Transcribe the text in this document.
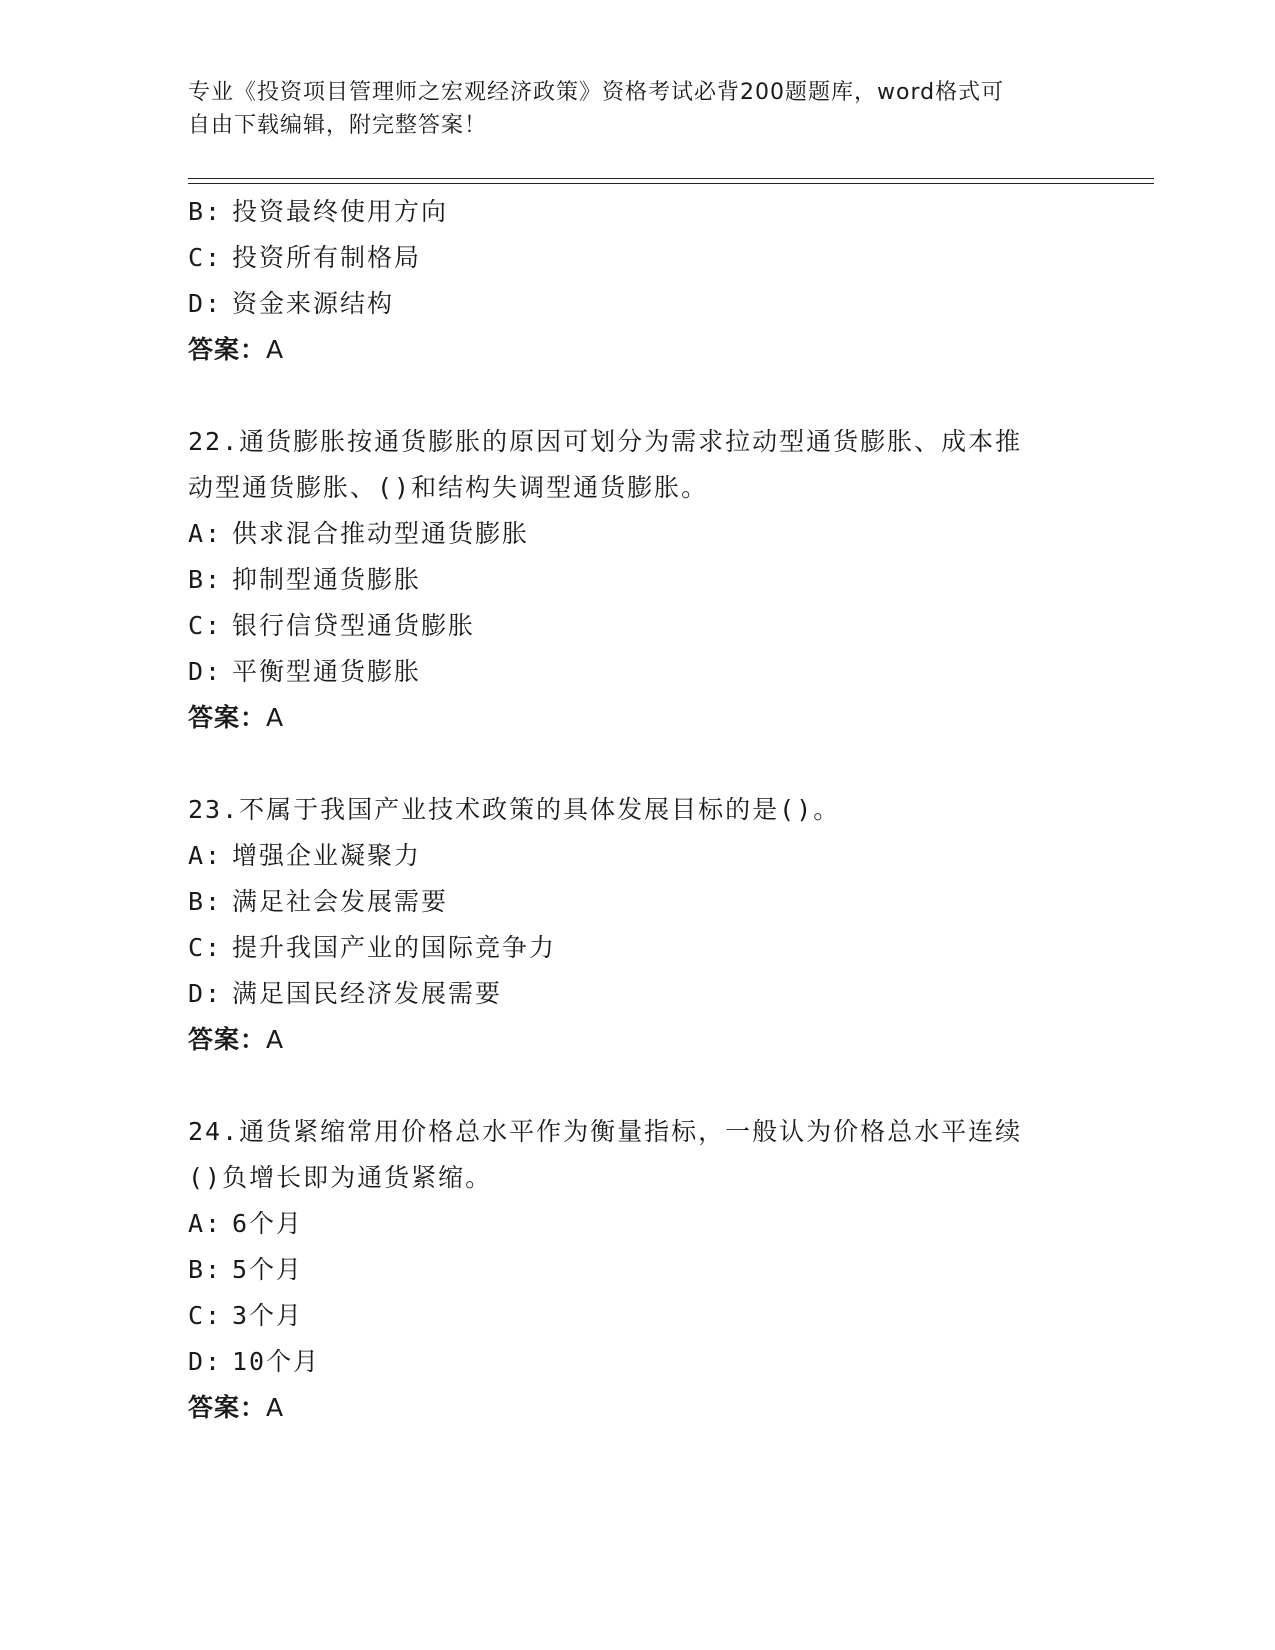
专业《投资项目管理师之宏观经济政策》资格考试必背200题题库，word格式可
自由下载编辑，附完整答案！
B: 投资最终使用方向
C: 投资所有制格局
D: 资金来源结构
答案：A
22.通货膨胀按通货膨胀的原因可划分为需求拉动型通货膨胀、成本推
动型通货膨胀、()和结构失调型通货膨胀。
A: 供求混合推动型通货膨胀
B: 抑制型通货膨胀
C: 银行信贷型通货膨胀
D: 平衡型通货膨胀
答案：A
23.不属于我国产业技术政策的具体发展目标的是()。
A: 增强企业凝聚力
B: 满足社会发展需要
C: 提升我国产业的国际竞争力
D: 满足国民经济发展需要
答案：A
24.通货紧缩常用价格总水平作为衡量指标，一般认为价格总水平连续
()负增长即为通货紧缩。
A: 6个月
B: 5个月
C: 3个月
D: 10个月
答案：A
